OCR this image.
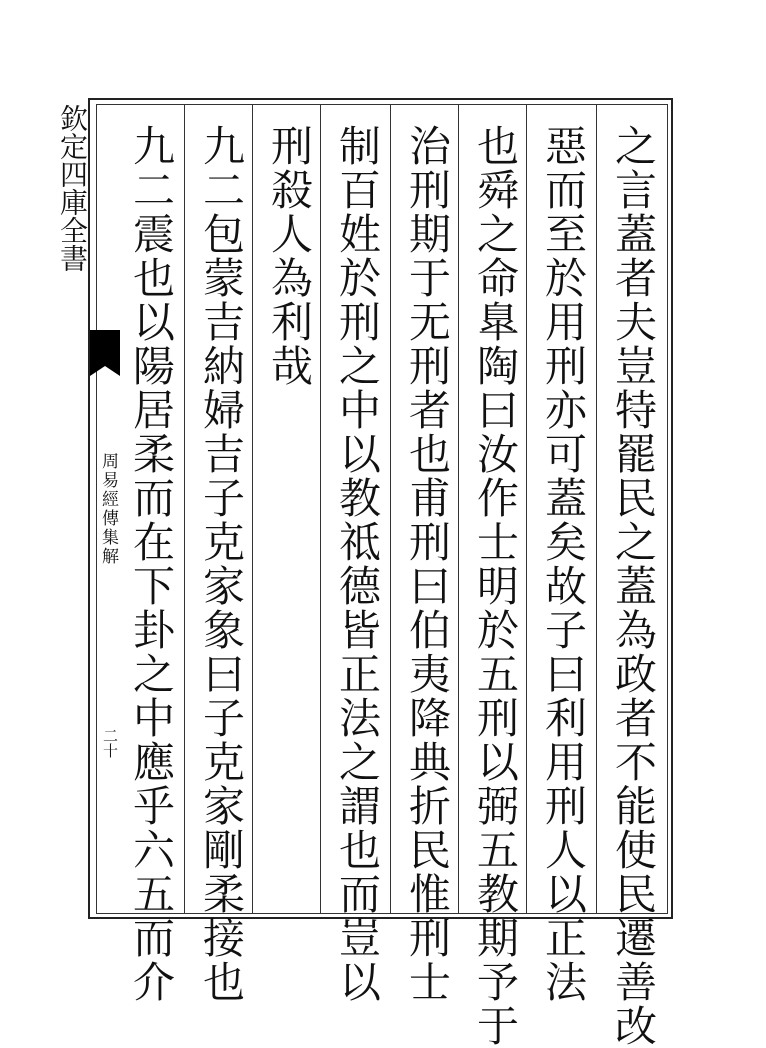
欽定四庫全書
周易經傳集解
二十	之言蓋者夫豈特罷民之蓋為政者不能使民遷善改
惡而至於用刑亦可蓋矣故子曰利用刑人以正法
也舜之命臯陶曰汝作士明於五刑以弼五教期予于
治刑期于无刑者也甫刑曰伯夷降典折民惟刑士
制百姓於刑之中以教祗德皆正法之謂也而豈以
刑殺人為利哉
九二包蒙吉納婦吉子克家象曰子克家剛柔接也
九二震也以陽居柔而在下卦之中應乎六五而介
